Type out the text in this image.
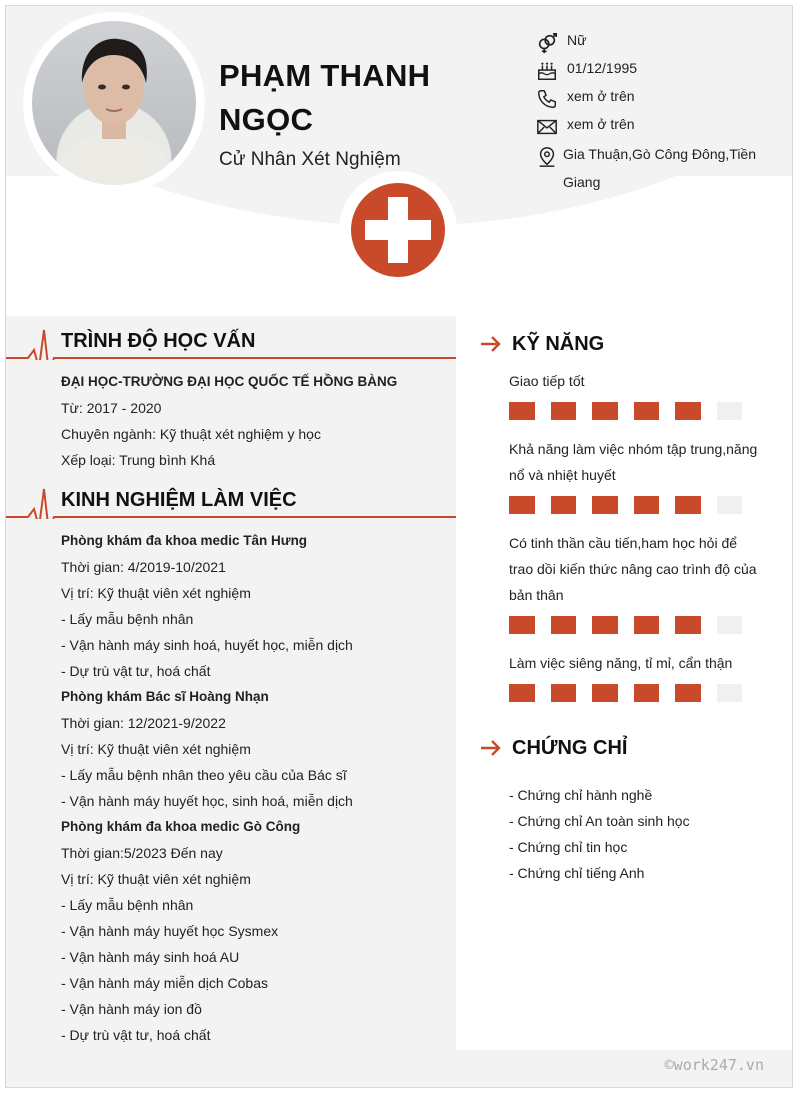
PHẠM THANH NGỌC
Cử Nhân Xét Nghiệm
Nữ
01/12/1995
xem ở trên
xem ở trên
Gia Thuận,Gò Công Đông,Tiền Giang
TRÌNH ĐỘ HỌC VẤN
ĐẠI HỌC-TRƯỜNG ĐẠI HỌC QUỐC TẾ HỒNG BÀNG
Từ: 2017 - 2020
Chuyên ngành: Kỹ thuật xét nghiệm y học
Xếp loại: Trung bình Khá
KINH NGHIỆM LÀM VIỆC
Phòng khám đa khoa medic Tân Hưng
Thời gian: 4/2019-10/2021
Vị trí: Kỹ thuật viên xét nghiệm
- Lấy mẫu bệnh nhân
- Vận hành máy sinh hoá, huyết học, miễn dịch
- Dự trù vật tư, hoá chất
Phòng khám Bác sĩ Hoàng Nhạn
Thời gian: 12/2021-9/2022
Vị trí: Kỹ thuật viên xét nghiệm
- Lấy mẫu bệnh nhân theo yêu cầu của Bác sĩ
- Vận hành máy huyết học, sinh hoá, miễn dịch
Phòng khám đa khoa medic Gò Công
Thời gian:5/2023 Đến nay
Vị trí: Kỹ thuật viên xét nghiệm
- Lấy mẫu bệnh nhân
- Vận hành máy huyết học Sysmex
- Vận hành máy sinh hoá AU
- Vận hành máy miễn dịch Cobas
- Vận hành máy ion đồ
- Dự trù vật tư, hoá chất
KỸ NĂNG
Giao tiếp tốt
Khả năng làm việc nhóm tập trung,năng nổ và nhiệt huyết
Có tinh thần cầu tiến,ham học hỏi để trao dồi kiến thức nâng cao trình độ của bản thân
Làm việc siêng năng, tỉ mỉ, cẩn thận
CHỨNG CHỈ
- Chứng chỉ hành nghề
- Chứng chỉ An toàn sinh học
- Chứng chỉ tin học
- Chứng chỉ tiếng Anh
©work247.vn
